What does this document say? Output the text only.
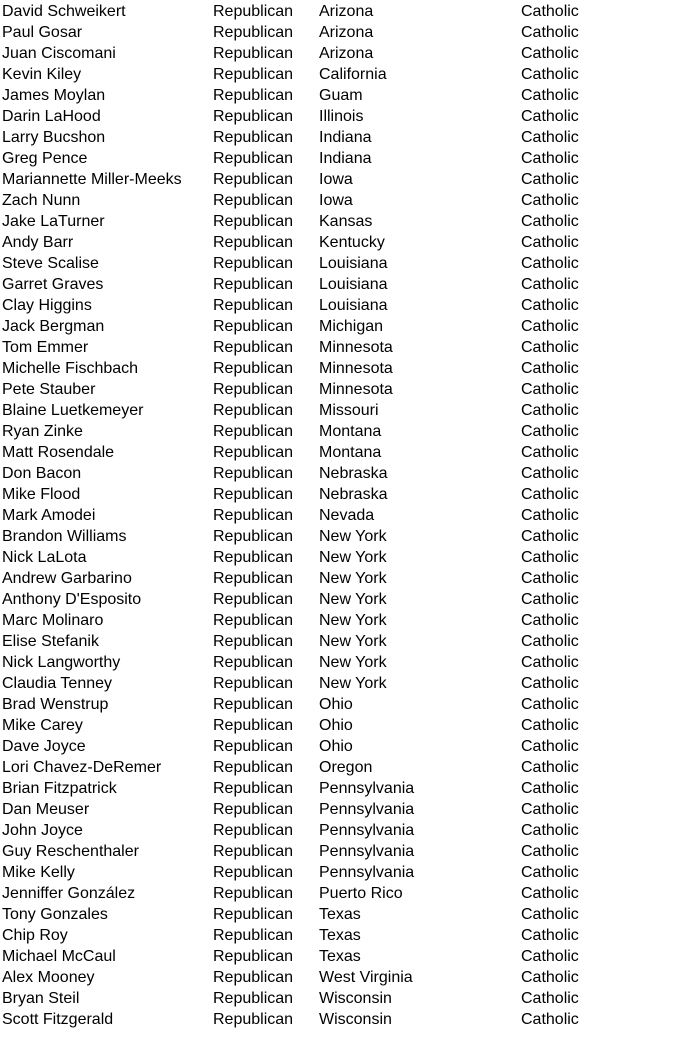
David Schweikert	Republican Arizona	Catholic
Paul Gosar	Republican Arizona	Catholic
Juan Ciscomani	Republican Arizona	Catholic
Kevin Kiley	Republican California	Catholic
James Moylan	Republican Guam	Catholic
Darin LaHood	Republican Illinois	Catholic
Larry Bucshon	Republican Indiana	Catholic
Greg Pence	Republican Indiana	Catholic
Mariannette Miller-Meeks Republican Iowa	Catholic
Zach Nunn	Republican Iowa	Catholic
Jake LaTurner	Republican Kansas	Catholic
Andy Barr	Republican Kentucky	Catholic
Steve Scalise	Republican Louisiana	Catholic
Garret Graves	Republican Louisiana	Catholic
Clay Higgins	Republican Louisiana	Catholic
Jack Bergman	Republican Michigan	Catholic
Tom Emmer	Republican Minnesota	Catholic
Michelle Fischbach	Republican Minnesota	Catholic
Pete Stauber	Republican Minnesota	Catholic
Blaine Luetkemeyer	Republican Missouri	Catholic
Ryan Zinke	Republican Montana	Catholic
Matt Rosendale	Republican Montana	Catholic
Don Bacon	Republican Nebraska	Catholic
Mike Flood	Republican Nebraska	Catholic
Mark Amodei	Republican Nevada	Catholic
Brandon Williams	Republican New York	Catholic
Nick LaLota	Republican New York	Catholic
Andrew Garbarino	Republican New York	Catholic
Anthony D'Esposito	Republican New York	Catholic
Marc Molinaro	Republican New York	Catholic
Elise Stefanik	Republican New York	Catholic
Nick Langworthy	Republican New York	Catholic
Claudia Tenney	Republican New York	Catholic
Brad Wenstrup	Republican Ohio	Catholic
Mike Carey	Republican Ohio	Catholic
Dave Joyce	Republican Ohio	Catholic
Lori Chavez-DeRemer	Republican Oregon	Catholic
Brian Fitzpatrick	Republican Pennsylvania	Catholic
Dan Meuser	Republican Pennsylvania	Catholic
John Joyce	Republican Pennsylvania	Catholic
Guy Reschenthaler	Republican Pennsylvania	Catholic
Mike Kelly	Republican Pennsylvania	Catholic
Jenniffer González	Republican Puerto Rico	Catholic
Tony Gonzales	Republican Texas	Catholic
Chip Roy	Republican Texas	Catholic
Michael McCaul	Republican Texas	Catholic
Alex Mooney	Republican West Virginia	Catholic
Bryan Steil	Republican Wisconsin	Catholic
Scott Fitzgerald	Republican Wisconsin	Catholic
